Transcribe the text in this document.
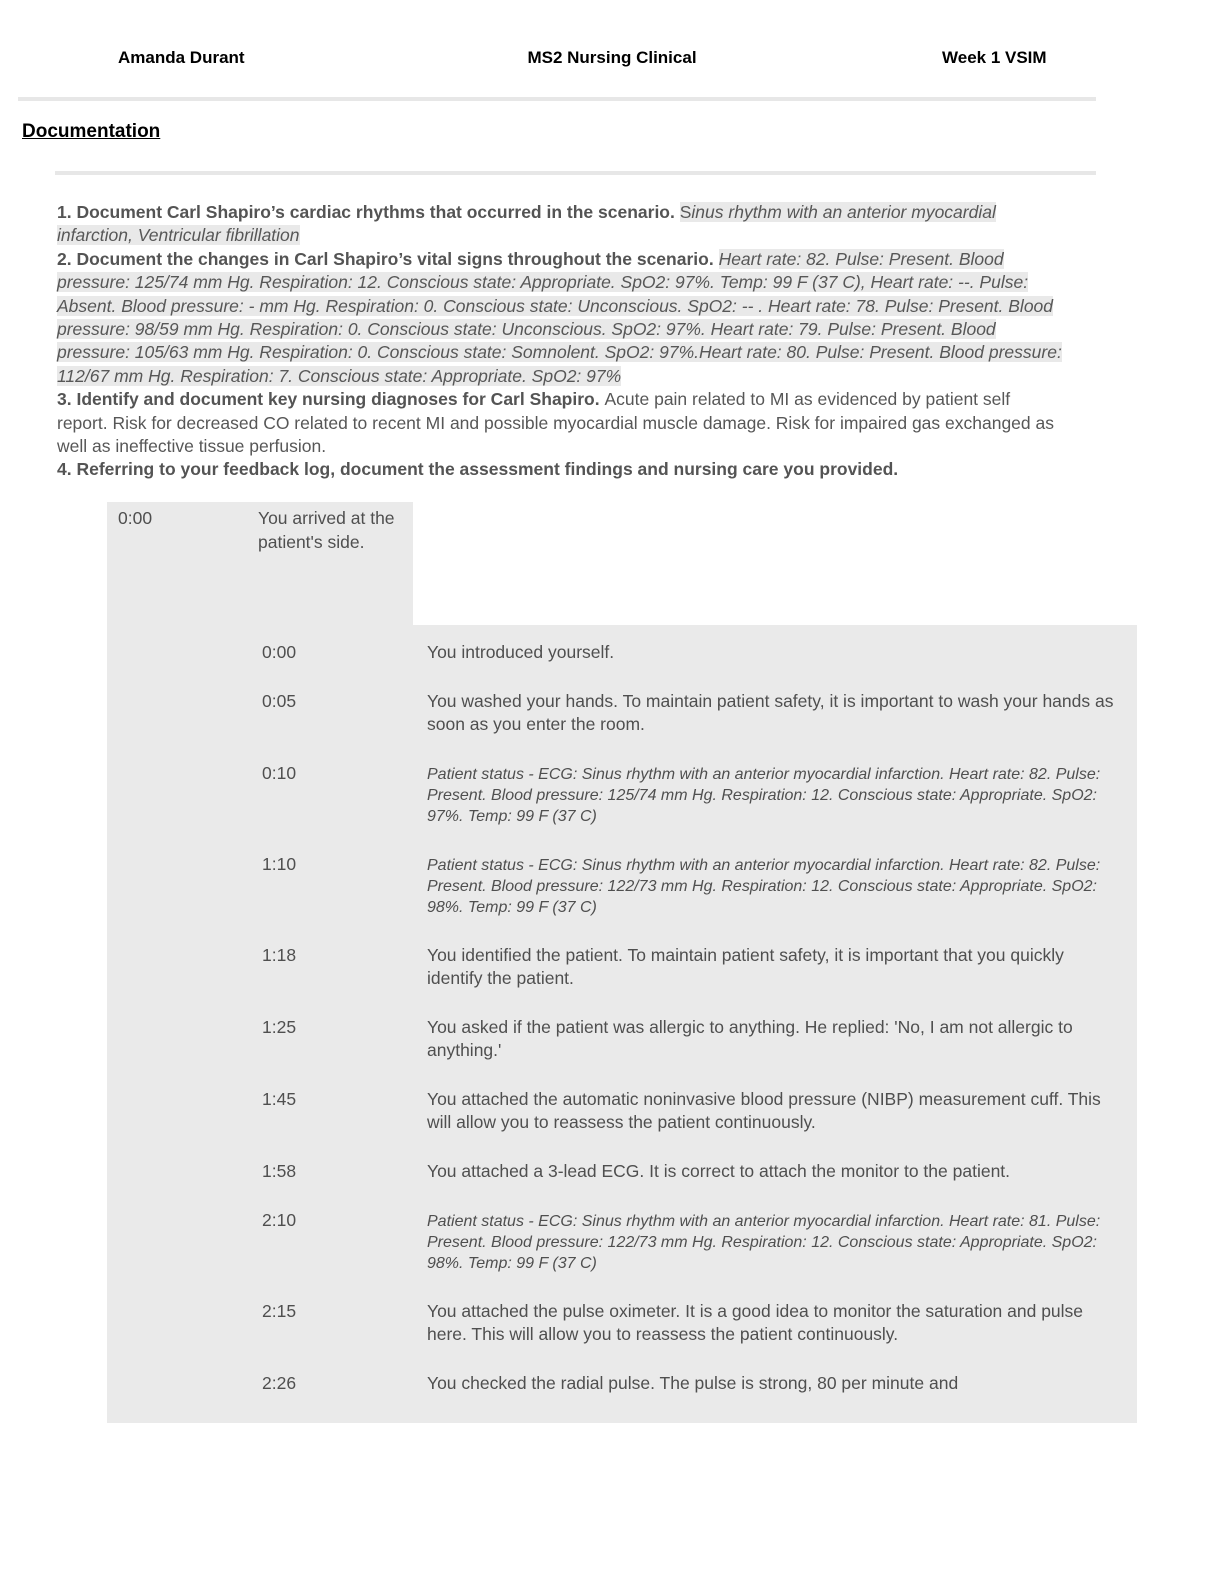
Amanda Durant	MS2 Nursing Clinical	Week 1 VSIM
Documentation
1. Document Carl Shapiro’s cardiac rhythms that occurred in the scenario. Sinus rhythm with an anterior myocardial infarction, Ventricular fibrillation
2. Document the changes in Carl Shapiro’s vital signs throughout the scenario. Heart rate: 82. Pulse: Present. Blood pressure: 125/74 mm Hg. Respiration: 12. Conscious state: Appropriate. SpO2: 97%. Temp: 99 F (37 C), Heart rate: --. Pulse: Absent. Blood pressure: - mm Hg. Respiration: 0. Conscious state: Unconscious. SpO2: -- . Heart rate: 78. Pulse: Present. Blood pressure: 98/59 mm Hg. Respiration: 0. Conscious state: Unconscious. SpO2: 97%. Heart rate: 79. Pulse: Present. Blood pressure: 105/63 mm Hg. Respiration: 0. Conscious state: Somnolent. SpO2: 97%.Heart rate: 80. Pulse: Present. Blood pressure: 112/67 mm Hg. Respiration: 7. Conscious state: Appropriate. SpO2: 97%
3. Identify and document key nursing diagnoses for Carl Shapiro. Acute pain related to MI as evidenced by patient self report. Risk for decreased CO related to recent MI and possible myocardial muscle damage. Risk for impaired gas exchanged as well as ineffective tissue perfusion.
4. Referring to your feedback log, document the assessment findings and nursing care you provided.
0:00	You arrived at the patient's side.
0:00	You introduced yourself.
0:05	You washed your hands. To maintain patient safety, it is important to wash your hands as soon as you enter the room.
0:10	Patient status - ECG: Sinus rhythm with an anterior myocardial infarction. Heart rate: 82. Pulse: Present. Blood pressure: 125/74 mm Hg. Respiration: 12. Conscious state: Appropriate. SpO2: 97%. Temp: 99 F (37 C)
1:10	Patient status - ECG: Sinus rhythm with an anterior myocardial infarction. Heart rate: 82. Pulse: Present. Blood pressure: 122/73 mm Hg. Respiration: 12. Conscious state: Appropriate. SpO2: 98%. Temp: 99 F (37 C)
1:18	You identified the patient. To maintain patient safety, it is important that you quickly identify the patient.
1:25	You asked if the patient was allergic to anything. He replied: 'No, I am not allergic to anything.'
1:45	You attached the automatic noninvasive blood pressure (NIBP) measurement cuff. This will allow you to reassess the patient continuously.
1:58	You attached a 3-lead ECG. It is correct to attach the monitor to the patient.
2:10	Patient status - ECG: Sinus rhythm with an anterior myocardial infarction. Heart rate: 81. Pulse: Present. Blood pressure: 122/73 mm Hg. Respiration: 12. Conscious state: Appropriate. SpO2: 98%. Temp: 99 F (37 C)
2:15	You attached the pulse oximeter. It is a good idea to monitor the saturation and pulse here. This will allow you to reassess the patient continuously.
2:26	You checked the radial pulse. The pulse is strong, 80 per minute and
